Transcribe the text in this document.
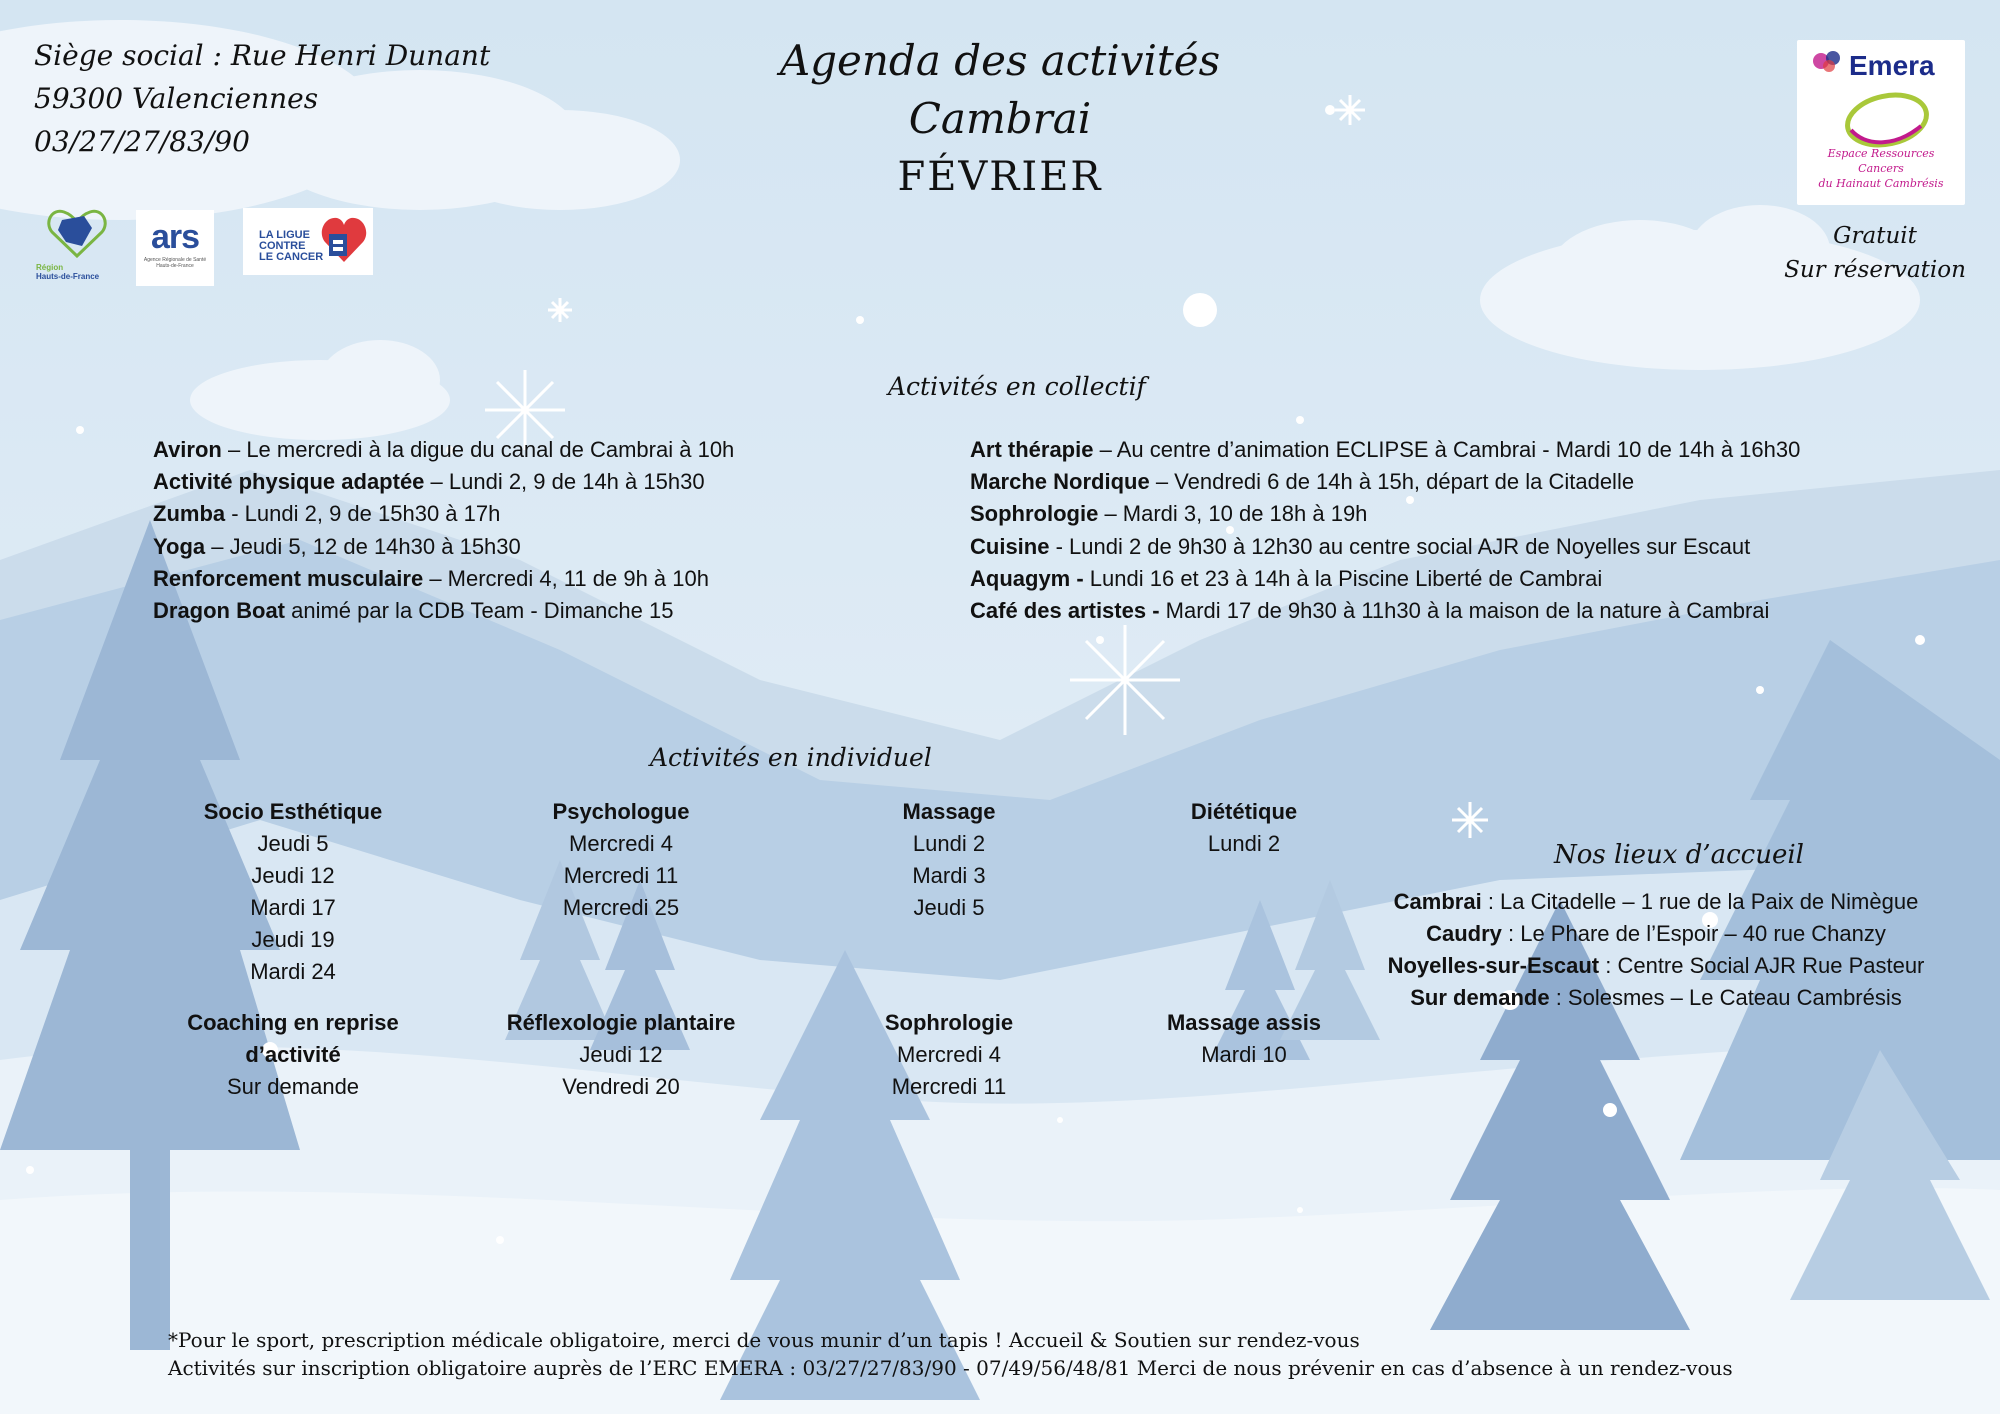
Siège social : Rue Henri Dunant
59300 Valenciennes
03/27/27/83/90
Région
Hauts-de-France
ars
Agence Régionale de Santé Hauts-de-France
LA LIGUE
CONTRE
LE CANCER
Agenda des activités
Cambrai
FÉVRIER
Emera
Espace Ressources
Cancers
du Hainaut Cambrésis
Gratuit
Sur réservation
Activités en collectif
Aviron – Le mercredi à la digue du canal de Cambrai à 10h
Activité physique adaptée – Lundi 2, 9 de 14h à 15h30
Zumba - Lundi 2, 9 de 15h30 à 17h
Yoga – Jeudi 5, 12 de 14h30 à 15h30
Renforcement musculaire – Mercredi 4, 11 de 9h à 10h
Dragon Boat animé par la CDB Team - Dimanche 15
Art thérapie – Au centre d’animation ECLIPSE à Cambrai - Mardi 10 de 14h à 16h30
Marche Nordique – Vendredi 6 de 14h à 15h, départ de la Citadelle
Sophrologie – Mardi 3, 10 de 18h à 19h
Cuisine - Lundi 2 de 9h30 à 12h30 au centre social AJR de Noyelles sur Escaut
Aquagym - Lundi 16 et 23 à 14h à la Piscine Liberté de Cambrai
Café des artistes - Mardi 17 de 9h30 à 11h30 à la maison de la nature à Cambrai
Activités en individuel
Socio Esthétique
Jeudi 5
Jeudi 12
Mardi 17
Jeudi 19
Mardi 24
Psychologue
Mercredi 4
Mercredi 11
Mercredi 25
Massage
Lundi 2
Mardi 3
Jeudi 5
Diététique
Lundi 2
Coaching en reprise
d’activité
Sur demande
Réflexologie plantaire
Jeudi 12
Vendredi 20
Sophrologie
Mercredi 4
Mercredi 11
Massage assis
Mardi 10
Nos lieux d’accueil
Cambrai : La Citadelle – 1 rue de la Paix de Nimègue
Caudry : Le Phare de l’Espoir – 40 rue Chanzy
Noyelles-sur-Escaut : Centre Social AJR Rue Pasteur
Sur demande : Solesmes – Le Cateau Cambrésis
*Pour le sport, prescription médicale obligatoire, merci de vous munir d’un tapis ! Accueil & Soutien sur rendez-vous
Activités sur inscription obligatoire auprès de l’ERC EMERA : 03/27/27/83/90 - 07/49/56/48/81 Merci de nous prévenir en cas d’absence à un rendez-vous
